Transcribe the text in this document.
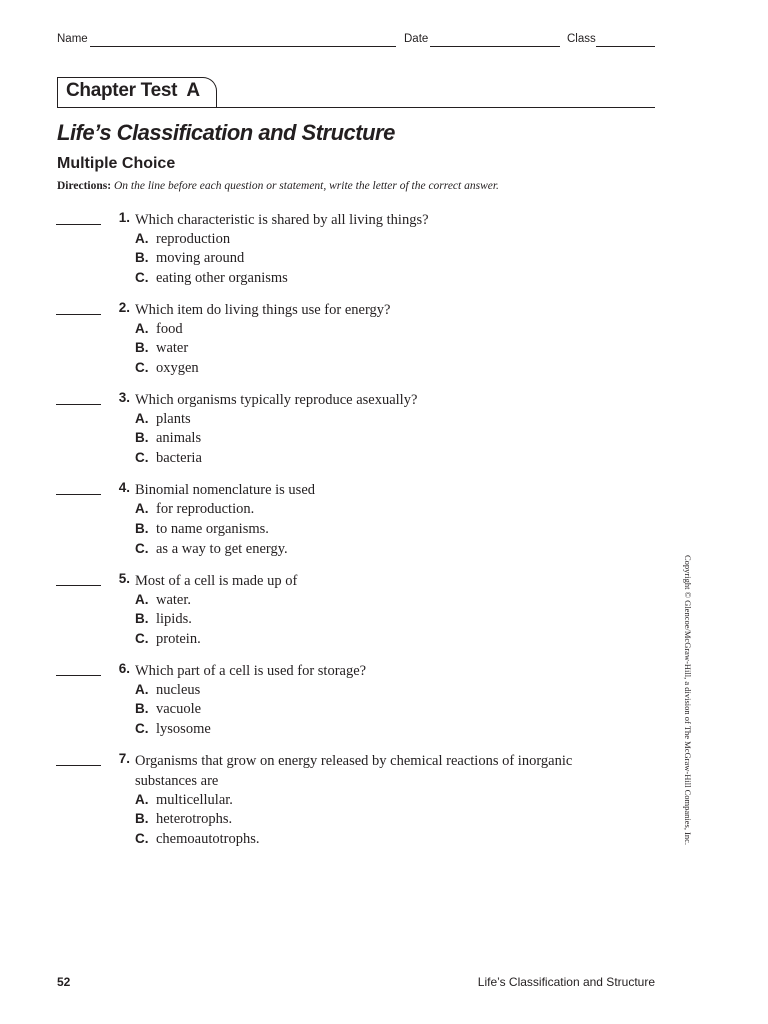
Name	Date	Class
Chapter Test  A
Life’s Classification and Structure
Multiple Choice
Directions: On the line before each question or statement, write the letter of the correct answer.
1. Which characteristic is shared by all living things?
A. reproduction
B. moving around
C. eating other organisms
2. Which item do living things use for energy?
A. food
B. water
C. oxygen
3. Which organisms typically reproduce asexually?
A. plants
B. animals
C. bacteria
4. Binomial nomenclature is used
A. for reproduction.
B. to name organisms.
C. as a way to get energy.
5. Most of a cell is made up of
A. water.
B. lipids.
C. protein.
6. Which part of a cell is used for storage?
A. nucleus
B. vacuole
C. lysosome
7. Organisms that grow on energy released by chemical reactions of inorganic substances are
A. multicellular.
B. heterotrophs.
C. chemoautotrophs.	Copyright © Glencoe/McGraw-Hill, a division of The McGraw-Hill Companies, Inc.
52	Life’s Classification and Structure
